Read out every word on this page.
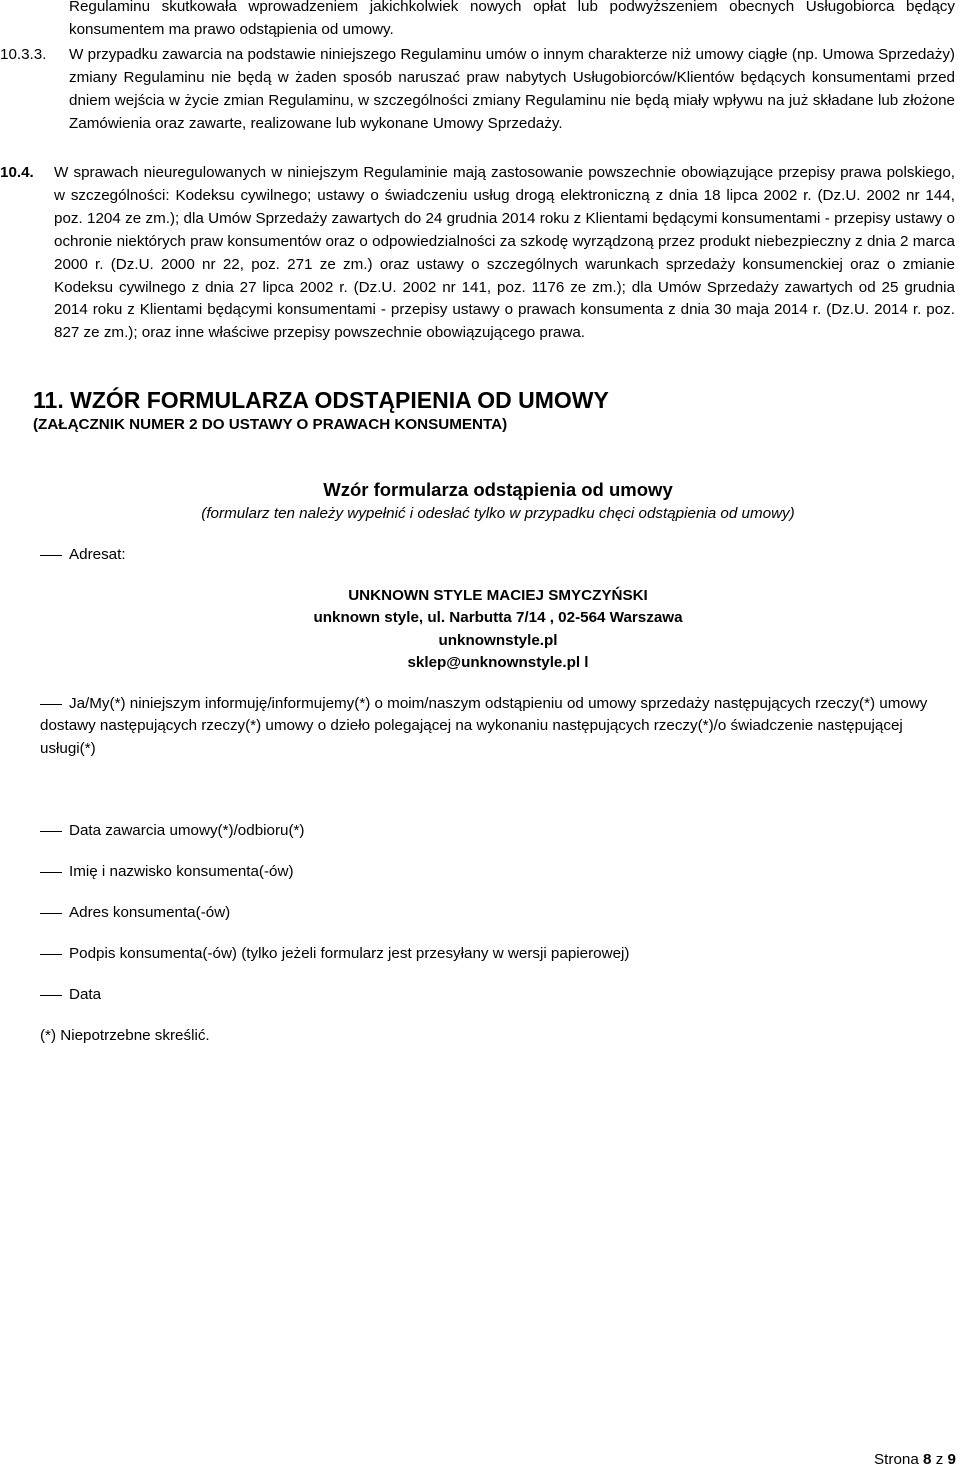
Regulaminu skutkowała wprowadzeniem jakichkolwiek nowych opłat lub podwyższeniem obecnych Usługobiorca będący konsumentem ma prawo odstąpienia od umowy.
10.3.3. W przypadku zawarcia na podstawie niniejszego Regulaminu umów o innym charakterze niż umowy ciągłe (np. Umowa Sprzedaży) zmiany Regulaminu nie będą w żaden sposób naruszać praw nabytych Usługobiorców/Klientów będących konsumentami przed dniem wejścia w życie zmian Regulaminu, w szczególności zmiany Regulaminu nie będą miały wpływu na już składane lub złożone Zamówienia oraz zawarte, realizowane lub wykonane Umowy Sprzedaży.
10.4. W sprawach nieuregulowanych w niniejszym Regulaminie mają zastosowanie powszechnie obowiązujące przepisy prawa polskiego, w szczególności: Kodeksu cywilnego; ustawy o świadczeniu usług drogą elektroniczną z dnia 18 lipca 2002 r. (Dz.U. 2002 nr 144, poz. 1204 ze zm.); dla Umów Sprzedaży zawartych do 24 grudnia 2014 roku z Klientami będącymi konsumentami - przepisy ustawy o ochronie niektórych praw konsumentów oraz o odpowiedzialności za szkodę wyrządzoną przez produkt niebezpieczny z dnia 2 marca 2000 r. (Dz.U. 2000 nr 22, poz. 271 ze zm.) oraz ustawy o szczególnych warunkach sprzedaży konsumenckiej oraz o zmianie Kodeksu cywilnego z dnia 27 lipca 2002 r. (Dz.U. 2002 nr 141, poz. 1176 ze zm.); dla Umów Sprzedaży zawartych od 25 grudnia 2014 roku z Klientami będącymi konsumentami - przepisy ustawy o prawach konsumenta z dnia 30 maja 2014 r. (Dz.U. 2014 r. poz. 827 ze zm.); oraz inne właściwe przepisy powszechnie obowiązującego prawa.
11. WZÓR FORMULARZA ODSTĄPIENIA OD UMOWY
(ZAŁĄCZNIK NUMER 2 DO USTAWY O PRAWACH KONSUMENTA)
Wzór formularza odstąpienia od umowy
(formularz ten należy wypełnić i odesłać tylko w przypadku chęci odstąpienia od umowy)
Adresat:
UNKNOWN STYLE MACIEJ SMYCZYŃSKI
unknown style, ul. Narbutta 7/14 , 02-564 Warszawa
unknownstyle.pl
sklep@unknownstyle.pl l
Ja/My(*) niniejszym informuję/informujemy(*) o moim/naszym odstąpieniu od umowy sprzedaży następujących rzeczy(*) umowy dostawy następujących rzeczy(*) umowy o dzieło polegającej na wykonaniu następujących rzeczy(*)/o świadczenie następującej usługi(*)
Data zawarcia umowy(*)/odbioru(*)
Imię i nazwisko konsumenta(-ów)
Adres konsumenta(-ów)
Podpis konsumenta(-ów) (tylko jeżeli formularz jest przesyłany w wersji papierowej)
Data
(*) Niepotrzebne skreślić.
Strona 8 z 9
